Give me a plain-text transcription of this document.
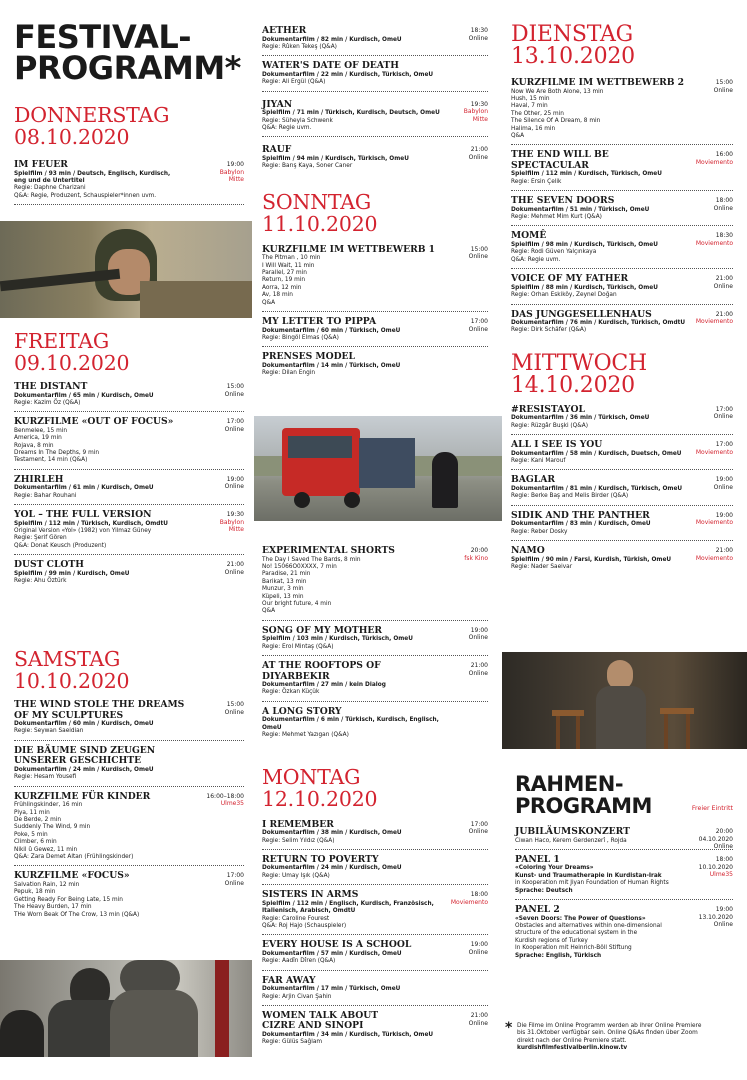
FESTIVAL-
PROGRAMM*
DONNERSTAG
08.10.2020
IM FEUER
Spielfilm / 93 min / Deutsch, Englisch, Kurdisch,
eng und de Untertitel
Regie: Daphne Charizani
Q&A: Regie, Produzent, Schauspieler*innen uvm.
19:00
Babylon
Mitte
FREITAG
09.10.2020
THE DISTANT
Dokumentarfilm / 65 min / Kurdisch, OmeU
Regie: Kazim Öz (Q&A)
15:00
Online
KURZFILME «OUT OF FOCUS»
Benmelee, 15 min
America, 19 min
Rojava, 8 min
Dreams In The Depths, 9 min
Testament, 14 min (Q&A)
17:00
Online
ZHIRLEH
Dokumentarfilm / 61 min / Kurdisch, OmeU
Regie: Bahar Rouhani
19:00
Online
YOL – THE FULL VERSION
Spielfilm / 112 min / Türkisch, Kurdisch, OmdtU
Original Version «Yol» (1982) von Yilmaz Güney
Regie: Şerif Gören
Q&A: Donat Keusch (Produzent)
19:30
Babylon
Mitte
DUST CLOTH
Spielfilm / 99 min / Kurdisch, OmeU
Regie: Ahu Öztürk
21:00
Online
SAMSTAG
10.10.2020
THE WIND STOLE THE DREAMS
OF MY SCULPTURES
Dokumentarfilm / 60 min / Kurdisch, OmeU
Regie: Seywan Saeidian
15:00
Online
DIE BÄUME SIND ZEUGEN
UNSERER GESCHICHTE
Dokumentarfilm / 24 min / Kurdisch, OmeU
Regie: Hesam Yousefi
KURZFILME FÜR KINDER
Frühlingskinder, 16 min
Piya, 11 min
De Berde, 2 min
Suddenly The Wind, 9 min
Poke, 5 min
Climber, 6 min
Nikil û Gewez, 11 min
Q&A: Zara Demet Altan (Frühlingskinder)
16:00–18:00
Ulme35
KURZFILME «FOCUS»
Salvation Rain, 12 min
Pepuk, 18 min
Getting Ready For Being Late, 15 min
The Heavy Burden, 17 min
THe Worn Beak Of The Crow, 13 min (Q&A)
17:00
Online
AETHER
Dokumentarfilm / 82 min / Kurdisch, OmeU
Regie: Rûken Tekeş (Q&A)
18:30
Online
WATER'S DATE OF DEATH
Dokumentarfilm / 22 min / Kurdisch, Türkisch, OmeU
Regie: Ali Ergül (Q&A)
JIYAN
Spielfilm / 71 min / Türkisch, Kurdisch, Deutsch, OmeU
Regie: Süheyla Schwenk
Q&A: Regie uvm.
19:30
Babylon
Mitte
RAUF
Spielfilm / 94 min / Kurdisch, Türkisch, OmeU
Regie: Barış Kaya, Soner Caner
21:00
Online
SONNTAG
11.10.2020
KURZFILME IM WETTBEWERB 1
The Pitman , 10 min
I Will Wait, 11 min
Parallel, 27 min
Return, 19 min
Aorra, 12 min
Av, 18 min
Q&A
15:00
Online
MY LETTER TO PIPPA
Dokumentarfilm / 60 min / Türkisch, OmeU
Regie: Bingöl Elmas (Q&A)
17:00
Online
PRENSES MODEL
Dokumentarfilm / 14 min / Türkisch, OmeU
Regie: Dilan Engin
EXPERIMENTAL SHORTS
The Day I Saved The Bards, 8 min
No! 15066O0XXXX, 7 min
Paradise, 21 min
Barikat, 13 min
Munzur, 3 min
Küpeli, 13 min
Our bright future, 4 min
Q&A
20:00
fsk Kino
SONG OF MY MOTHER
Spielfilm / 103 min / Kurdisch, Türkisch, OmeU
Regie: Erol Mintaş (Q&A)
19:00
Online
AT THE ROOFTOPS OF DIYARBEKIR
Dokumentarfilm / 27 min / kein Dialog
Regie: Özkan Küçük
21:00
Online
A LONG STORY
Dokumentarfilm / 6 min / Türkisch, Kurdisch, Englisch, OmeU
Regie: Mehmet Yazıgan (Q&A)
MONTAG
12.10.2020
I REMEMBER
Dokumentarfilm / 38 min / Kurdisch, OmeU
Regie: Selim Yıldız (Q&A)
17:00
Online
RETURN TO POVERTY
Dokumentarfilm / 24 min / Kurdisch, OmeU
Regie: Umay Işık (Q&A)
SISTERS IN ARMS
Spielfilm / 112 min / Englisch, Kurdisch, Französisch,
Italienisch, Arabisch, OmdtU
Regie: Caroline Fourest
Q&A: Roj Hajo (Schauspieler)
18:00
Moviemento
EVERY HOUSE IS A SCHOOL
Dokumentarfilm / 57 min / Kurdisch, OmeU
Regie: Aadîn Dîren (Q&A)
19:00
Online
FAR AWAY
Dokumentarfilm / 17 min / Türkisch, OmeU
Regie: Arjin Civan Şahin
WOMEN TALK ABOUT
CIZRE AND SINOPI
Dokumentarfilm / 34 min / Kurdisch, Türkisch, OmeU
Regie: Gülüs Sağlam
21:00
Online
DIENSTAG
13.10.2020
KURZFILME IM WETTBEWERB 2
Now We Are Both Alone, 13 min
Hush, 15 min
Haval, 7 min
The Other, 25 min
The Silence Of A Dream, 8 min
Halima, 16 min
Q&A
15:00
Online
THE END WILL BE SPECTACULAR
Spielfilm / 112 min / Kurdisch, Türkisch, OmeU
Regie: Ersin Çelik
16:00
Moviemento
THE SEVEN DOORS
Dokumentarfilm / 51 min / Türkisch, OmeU
Regie: Mehmet Mim Kurt (Q&A)
18:00
Online
MOMÊ
Spielfilm / 98 min / Kurdisch, Türkisch, OmeU
Regie: Rodi Güven Yalçınkaya
Q&A: Regie uvm.
18:30
Moviemento
VOICE OF MY FATHER
Spielfilm / 88 min / Kurdisch, Türkisch, OmeU
Regie: Orhan Eskiköy, Zeynel Doğan
21:00
Online
DAS JUNGGESELLENHAUS
Dokumentarfilm / 76 min / Kurdisch, Türkisch, OmdtU
Regie: Dirk Schäfer (Q&A)
21:00
Moviemento
MITTWOCH
14.10.2020
#RESISTAYOL
Dokumentarfilm / 36 min / Türkisch, OmeU
Regie: Rüzgâr Buşki (Q&A)
17:00
Online
ALL I SEE IS YOU
Dokumentarfilm / 58 min / Kurdisch, Duetsch, OmeU
Regie: Kani Marouf
17:00
Moviemento
BAGLAR
Dokumentarfilm / 81 min / Kurdisch, Türkisch, OmeU
Regie: Berke Baş and Melis Birder (Q&A)
19:00
Online
SIDIK AND THE PANTHER
Dokumentarfilm / 83 min / Kurdisch, OmeU
Regie: Reber Dosky
19:00
Moviemento
NAMO
Spielfilm / 90 min / Farsi, Kurdish, Türkish, OmeU
Regie: Nader Saeivar
21:00
Moviemento
RAHMEN-
PROGRAMM	Freier Eintritt
JUBILÄUMSKONZERT
Ciwan Haco, Kerem Gerdenzerî , Rojda
20:00
04.10.2020
Online
PANEL 1
«Coloring Your Dreams»
Kunst- und Traumatherapie in Kurdistan-Irak
in Kooperation mit Jiyan Foundation of Human Rights
Sprache: Deutsch
18:00
10.10.2020
Ulme35
PANEL 2
«Seven Doors: The Power of Questions»
Obstacles and alternatives within one-dimensional
structure of the educational system in the
Kurdish regions of Turkey
In Kooperation mit Heinrich-Böll Stiftung
Sprache: English, Türkisch
19:00
13.10.2020
Online
* Die Filme im Online Programm werden ab ihrer Online Premiere
bis 31.Oktober verfügbar sein. Online Q&As finden über Zoom
direkt nach der Online Premiere statt.
kurdishfilmfestivalberlin.kinow.tv
